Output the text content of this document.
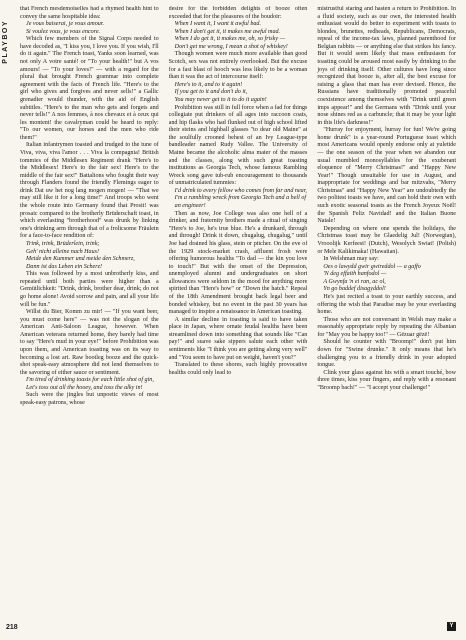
PLAYBOY

that French mesdemoiselles had a rhymed health hint to convey the same hospitable idea:

Je vous baiserai, je vous amour.

Si voulez vous, je vous encore.

Which few members of the Signal Corps needed to have decoded as, "I kiss you, I love you. If you wish, I'll do it again." The French toast, Yanks soon learned, was not only A votre santé! or "To your health!" but A vos amours! — "To your loves!" — with a regard for the plural that brought French grammar into complete agreement with the facts of French life. "Here's to the girl who gives and forgives and never sells!" a Gallic grenadier would thunder, with the aid of English subtitles. "Here's to the man who gets and forgets and never tells!" A nos femmes, à nos chevaux et à ceux qui les montent! the cavalryman could be heard to reply: "To our women, our horses and the men who ride them!"

Italian infantrymen toasted and trudged to the tune of Viva, viva, viva l'amor . . . Viva la compagnia! British tommies of the Middlesex Regiment drank "Here's to the Middlesex! Here's to the fair sex! Here's to the middle of the fair sex!" Battalions who fought their way through Flanders found the friendly Flemings eager to drink Dat uw het nog lang mogen mogen! — "That we may still like it for a long time!" And troops who went the whole route into Germany found that Prosit! was prosaic compared to the brotherly Brüderschaft toast, in which everlasting "brotherhood" was drunk by linking one's drinking arm through that of a frolicsome Fräulein for a face-to-face rendition of:

Trink, trink, Brüderlein, trink;

Geh' nicht alleine nach Haus!

Meide den Kummer und meide den Schmerz,

Dann ist das Leben ein Scherz!

This was followed by a most unbrotherly kiss, and repeated until both parties were higher than a Gemütlichkeit: "Drink, drink, brother dear, drink; do not go home alone! Avoid sorrow and pain, and all your life will be fun."

Willst du Bier, Komm zu mir! — "If you want beer, you must come here" — was not the slogan of the American Anti-Saloon League, however. When American veterans returned home, they barely had time to say "Here's mud in your eye!" before Prohibition was upon them, and American toasting was on its way to becoming a lost art. Raw bootleg booze and the quick-shot speak-easy atmosphere did not lend themselves to the savoring of either sauce or sentiment.

I'm tired of drinking toasts for each little shot of gin,

Let's toss out all the hooey, and toss the alky in!

Such were the jingles but unpoetic views of most speak-easy patrons, whose

desire for the forbidden delights of booze often exceeded that for the pleasures of the boudoir:

When I want it, I want it awful bad.

When I don't get it, it makes me awful mad.

When I do get it, it makes me, oh, so frisky —

Don't get me wrong, I mean a shot of whiskey!

Though women were much more available than good Scotch, sex was not entirely overlooked. But the excuse for a fast blast of hooch was less likely to be a woman than it was the act of intercourse itself:

Here's to it, and to it again!

If you get to it and don't do it,

You may never get to it to do it again!

Prohibition was still in full force when a fad for things collegiate put drinkers of all ages into raccoon coats, and hip flasks who had flunked out of high school lifted their steins and highball glasses "to dear old Maine" at the soulfully crooned behest of an Ivy League-type bandleader named Rudy Vallee. The University of Maine became the alcoholic alma mater of the masses and the classes, along with such great toasting institutions as Georgia Tech, whose famous Rambling Wreck song gave tub-rub encouragement to thousands of unmatriculated tummies:

I'd drink to every fellow who comes from far and near,

I'm a rambling wreck from Georgia Tech and a hell of an engineer!

Then as now, Joe College was also one hell of a drinker, and fraternity brothers made a ritual of singing "Here's to Joe, he's true blue. He's a drunkard, through and through! Drink it down, chugalug, chugalug," until Joe had drained his glass, stein or pitcher. On the eve of the 1929 stock-market crash, affluent frosh were offering humorous healths "To dad — the kin you love to touch!" But with the onset of the Depression, unemployed alumni and undergraduates on short allowances were seldom in the mood for anything more spirited than "Here's how" or "Down the hatch." Repeal of the 18th Amendment brought back legal beer and bonded whiskey, but no event in the past 30 years has managed to inspire a renaissance in American toasting.

A similar decline in toasting is said to have taken place in Japan, where ornate feudal healths have been streamlined down into something that sounds like "Can pay!" and suave sake sippers salute each other with sentiments like "I think you are getting along very well" and "You seem to have put on weight, haven't you?"

Translated to these shores, such highly provocative healths could only lead to

mistrustful staring and hasten a return to Prohibition. In a fluid society, such as our own, the interested health enthusiast would do better to experiment with toasts to blondes, brunettes, redheads, Republicans, Democrats, repeal of the income-tax laws, planned parenthood for Belgian rabbits — or anything else that strikes his fancy. But it would seem likely that mass enthusiasm for toasting could be aroused most easily by drinking to the joys of drinking itself. Other cultures have long since recognized that booze is, after all, the best excuse for raising a glass that man has ever devised. Hence, the Russians have traditionally promoted peaceful coexistence among themselves with "Drink until green imps appear!" and the Germans with "Drink until your nose shines red as a carbuncle; that it may be your light in this life's darkness!"

"Hurray for enjoyment, hurray for fun! We're going home drunk" is a year-round Portuguese toast which most Americans would openly endorse only at yuletide — the one season of the year when we abandon our usual mumbled monosyllables for the exuberant eloquence of "Merry Christmas!" and "Happy New Year!" Though unsuitable for use in August, and inappropriate for weddings and bar mitzvahs, "Merry Christmas" and "Happy New Year" are undoubtedly the two politest toasts we have, and can hold their own with such exotic seasonal toasts as the French Joyeux Noël! the Spanish Feliz Navidad! and the Italian Buone Natale!

Depending on where one spends the holidays, the Christmas toast may be Glaedelig Jul! (Norwegian), Vrooolijk Kerfeest! (Dutch), Wesolych Swiat! (Polish) or Mele Kalikimaka! (Hawaiian).

In Welshman may say:

Oes o lawydd gwir gwireddol — a gaffo

'N deg effaith hanfodol —

A Gwynfa 'n ei ran, ac ol,

Yn go baddef disagyddol!

He's just recited a toast to your earthly success, and offering the wish that Paradise may be your everlasting home.

Those who are not conversant in Welsh may make a reasonably appropriate reply by repeating the Albanian for "May you be happy too!" — Gëzuar gëzë!

Should he counter with "Broomp!" don't put him down for "Swine drunke." It only means that he's challenging you to a friendly drink in your adopted tongue.

Clink your glass against his with a smart touché, bow three times, kiss your fingers, and reply with a resonant "Broomp bach!" — "I accept your challenge!"

218	Y
